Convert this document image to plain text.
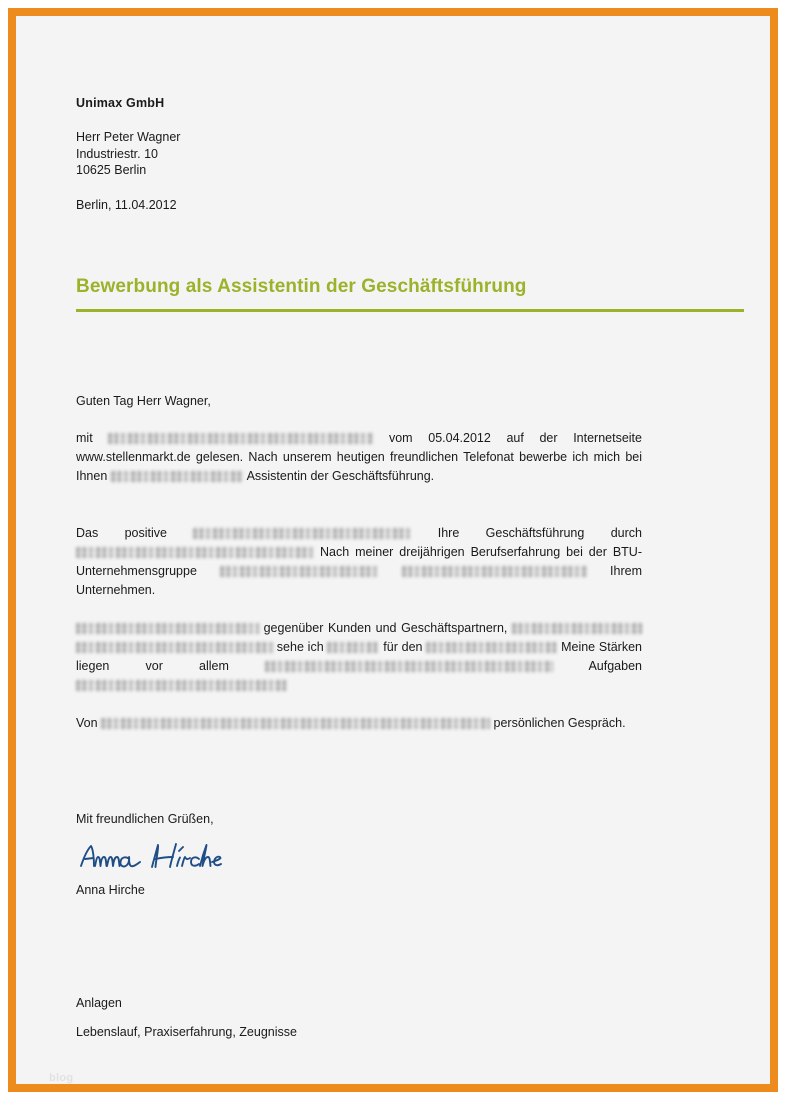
Unimax GmbH
Herr Peter Wagner
Industriestr. 10
10625 Berlin
Berlin, 11.04.2012
Bewerbung als Assistentin der Geschäftsführung
Guten Tag Herr Wagner,

mit	vom 05.04.2012 auf der Internetseite www.stellenmarkt.de gelesen. Nach unserem heutigen freundlichen Telefonat bewerbe ich mich bei Ihnen	Assistentin der Geschäftsführung.

Das positive	Ihre Geschäftsführung durch  Nach meiner dreijährigen Berufserfahrung bei der BTU-Unternehmensgruppe	Ihrem Unternehmen.

gegenüber Kunden und Geschäftspartnern,   sehe ich	für den	Meine Stärken liegen vor allem	Aufgaben

Von	persönlichen Gespräch.

Mit freundlichen Grüßen,
Anna Hirche
Anlagen
Lebenslauf, Praxiserfahrung, Zeugnisse
blog
